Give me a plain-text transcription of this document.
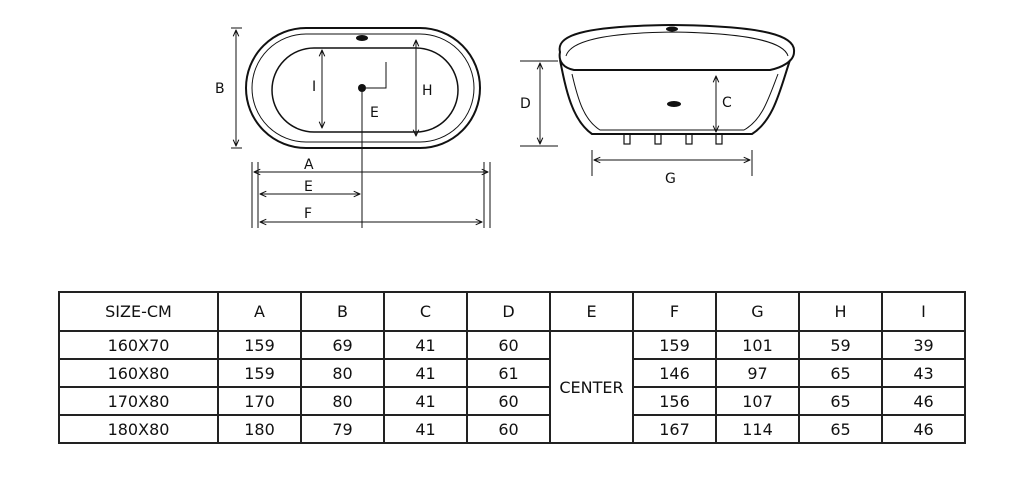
B	I
E
H
A
E
F
D	C
G
SIZE-CM	A	B	C	D	E	F	G	H	I
160X70	159	69	41	60	CENTER	159	101	59	39
160X80	159	80	41	61		146	97	65	43
170X80	170	80	41	60		156	107	65	46
180X80	180	79	41	60		167	114	65	46
